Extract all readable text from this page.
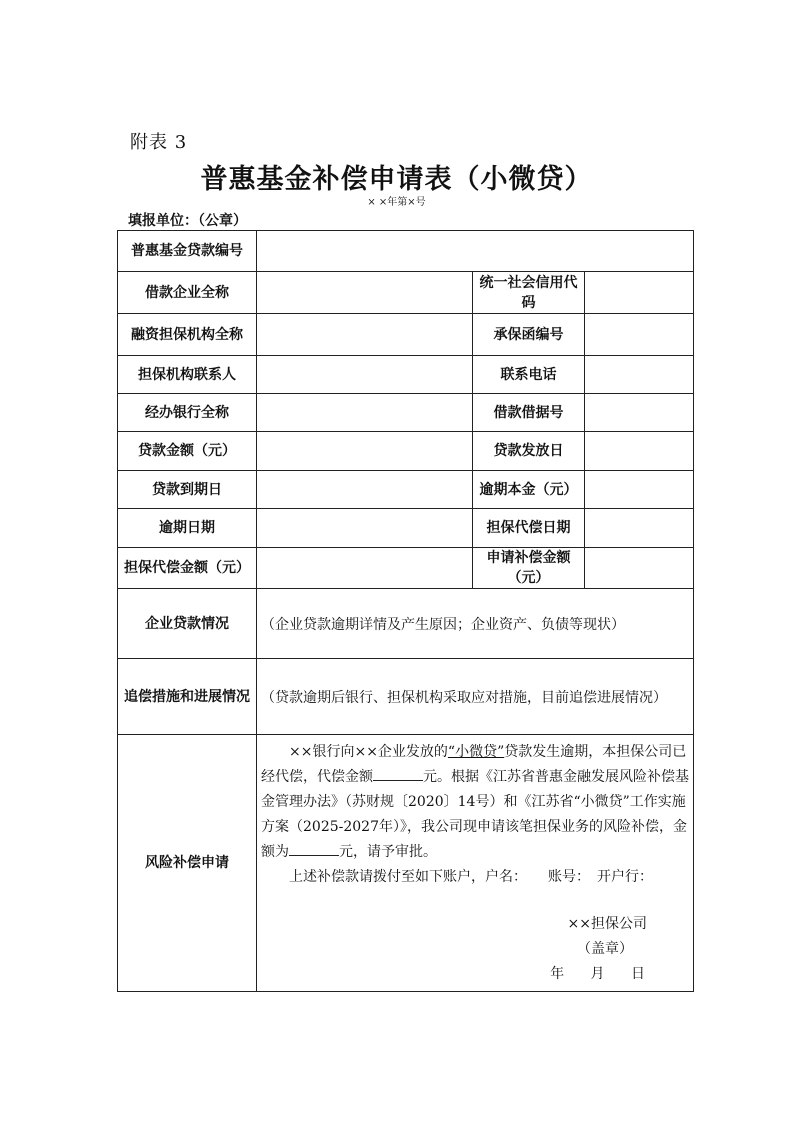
附表 3
普惠基金补偿申请表（小微贷）
× ×年第×号
填报单位：（公章）
普惠基金贷款编号			
借款企业全称		统一社会信用代码	
融资担保机构全称		承保函编号	
担保机构联系人		联系电话	
经办银行全称		借款借据号	
贷款金额（元）		贷款发放日	
贷款到期日		逾期本金（元）	
逾期日期		担保代偿日期	
担保代偿金额（元）		申请补偿金额（元）	
企业贷款情况	（企业贷款逾期详情及产生原因；企业资产、负债等现状）		
追偿措施和进展情况	（贷款逾期后银行、担保机构采取应对措施，目前追偿进展情况）		
风险补偿申请	××银行向××企业发放的“小微贷”贷款发生逾期，本担保公司已经代偿，代偿金额 元。根据《江苏省普惠金融发展风险补偿基金管理办法》（苏财规〔2020〕14号）和《江苏省“小微贷”工作实施方案（2025-2027年）》，我公司现申请该笔担保业务的风险补偿，金额为 元，请予审批。
上述补偿款请拨付至如下账户，户名：　　账号：　开户行：
××担保公司
（盖章）
年 月 日		
